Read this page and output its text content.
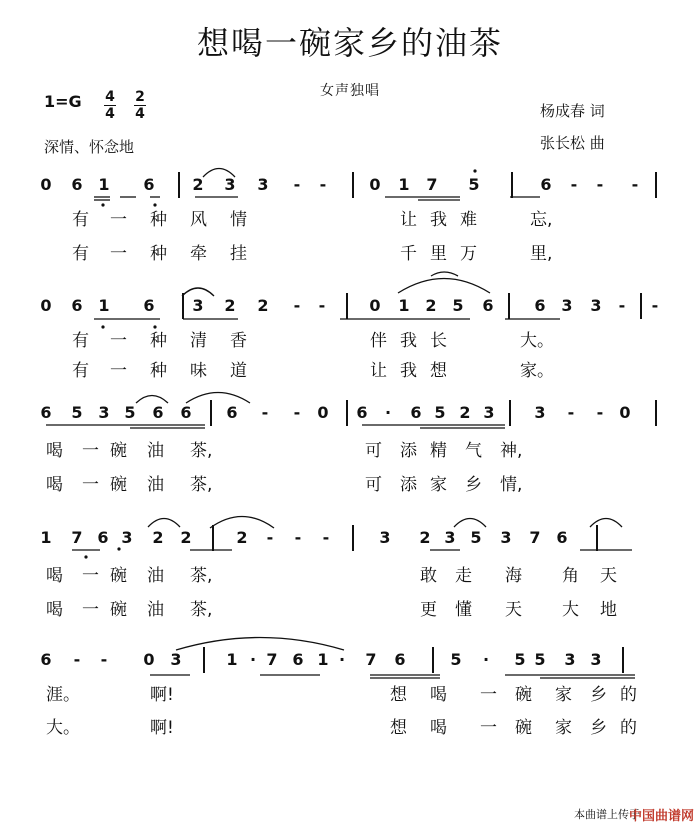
想喝一碗家乡的油茶
女声独唱
1=G 4
4
2
4
深情、怀念地
杨成春 词
张长松 曲
0 6 1 6 2 3 3	-	-	0 1 7 5	6	-	-	-
有 一 种 风 情	让 我 难	忘,
有 一 种 牵 挂	千 里 万	里,
0 6 1 6 3 2 2	-	-	0 1 2 5 6	6 3 3	-	-
有 一 种 清 香	伴 我 长	大。
有 一 种 味 道	让 我 想	家。
6 5 3 5 6 6 6	-	-	0 6	·	6 5 2 3 3	-	-	0
喝 一 碗 油 茶,	可 添 精 气 神,
喝 一 碗 油 茶,	可 添 家 乡 情,
1 7 6 3 2 2	2	-	-	-	3 2 3 5 3 7 6
喝 一 碗 油 茶,	敢 走 海 角 天
喝 一 碗 油 茶,	更 懂 天 大 地
6	-	-	0 3	1 · 7 6 1 ·	7 6	5	·	5 5 3 3
涯。	啊!	想 喝 一 碗 家 乡 的
大。	啊!	想 喝 一 碗 家 乡 的
本曲谱上传于
中国曲谱网
